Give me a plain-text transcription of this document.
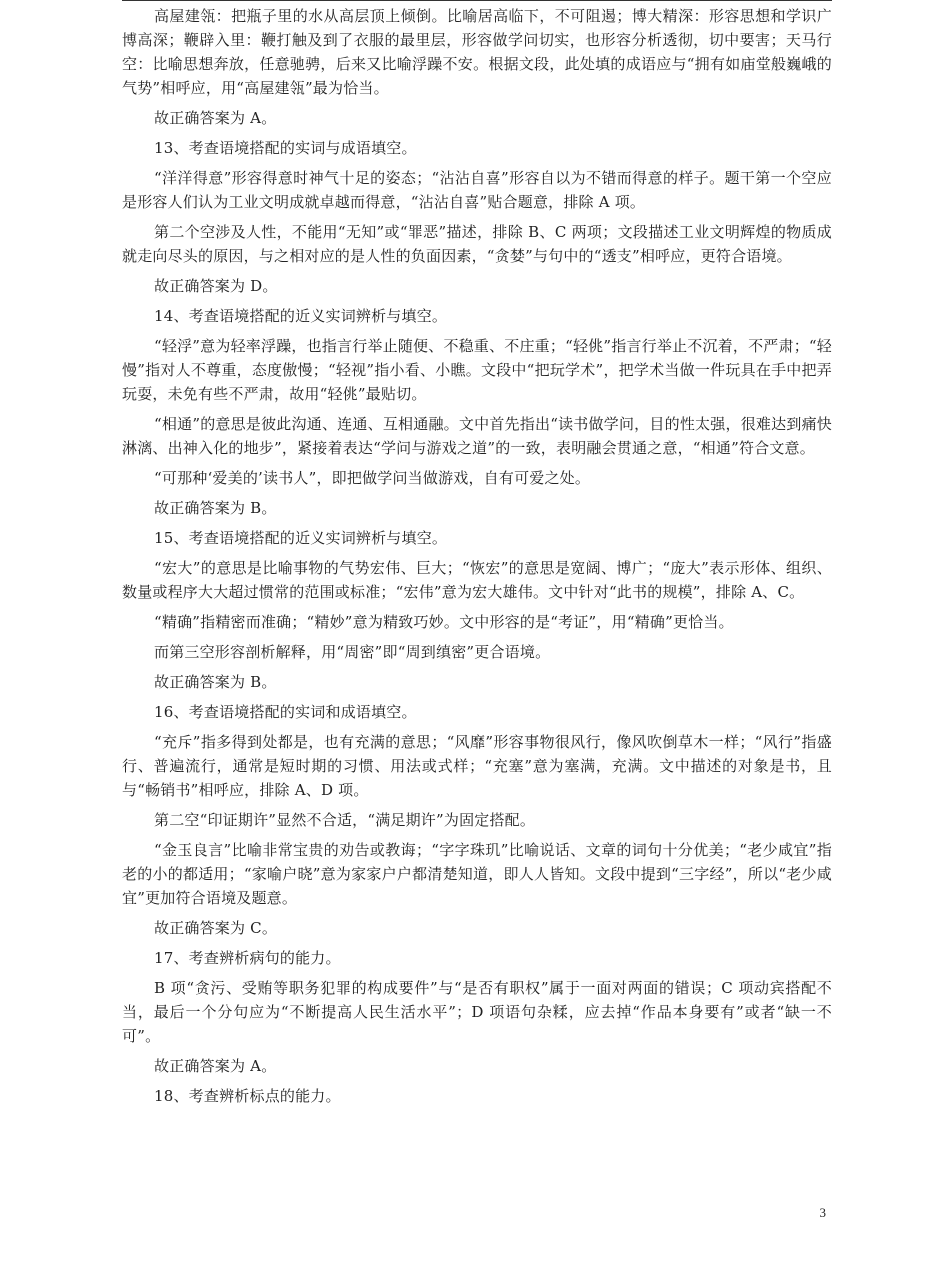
高屋建瓴：把瓶子里的水从高层顶上倾倒。比喻居高临下，不可阻遏；博大精深：形容思想和学识广博高深；鞭辟入里：鞭打触及到了衣服的最里层，形容做学问切实，也形容分析透彻，切中要害；天马行空：比喻思想奔放，任意驰骋，后来又比喻浮躁不安。根据文段，此处填的成语应与“拥有如庙堂般巍峨的气势”相呼应，用“高屋建瓴”最为恰当。

故正确答案为 A。

13、考查语境搭配的实词与成语填空。

“洋洋得意”形容得意时神气十足的姿态；“沾沾自喜”形容自以为不错而得意的样子。题干第一个空应是形容人们认为工业文明成就卓越而得意，“沾沾自喜”贴合题意，排除 A 项。

第二个空涉及人性，不能用“无知”或“罪恶”描述，排除 B、C 两项；文段描述工业文明辉煌的物质成就走向尽头的原因，与之相对应的是人性的负面因素，“贪婪”与句中的“透支”相呼应，更符合语境。

故正确答案为 D。

14、考查语境搭配的近义实词辨析与填空。

“轻浮”意为轻率浮躁，也指言行举止随便、不稳重、不庄重；“轻佻”指言行举止不沉着，不严肃；“轻慢”指对人不尊重，态度傲慢；“轻视”指小看、小瞧。文段中“把玩学术”，把学术当做一件玩具在手中把弄玩耍，未免有些不严肃，故用“轻佻”最贴切。

“相通”的意思是彼此沟通、连通、互相通融。文中首先指出“读书做学问，目的性太强，很难达到痛快淋漓、出神入化的地步”，紧接着表达“学问与游戏之道”的一致，表明融会贯通之意，“相通”符合文意。

“可那种‘爱美的’读书人”，即把做学问当做游戏，自有可爱之处。

故正确答案为 B。

15、考查语境搭配的近义实词辨析与填空。

“宏大”的意思是比喻事物的气势宏伟、巨大；“恢宏”的意思是宽阔、博广；“庞大”表示形体、组织、数量或程序大大超过惯常的范围或标准；“宏伟”意为宏大雄伟。文中针对“此书的规模”，排除 A、C。

“精确”指精密而准确；“精妙”意为精致巧妙。文中形容的是“考证”，用“精确”更恰当。

而第三空形容剖析解释，用“周密”即“周到缜密”更合语境。

故正确答案为 B。

16、考查语境搭配的实词和成语填空。

“充斥”指多得到处都是，也有充满的意思；“风靡”形容事物很风行，像风吹倒草木一样；“风行”指盛行、普遍流行，通常是短时期的习惯、用法或式样；“充塞”意为塞满，充满。文中描述的对象是书，且与“畅销书”相呼应，排除 A、D 项。

第二空“印证期许”显然不合适，“满足期许”为固定搭配。

“金玉良言”比喻非常宝贵的劝告或教诲；“字字珠玑”比喻说话、文章的词句十分优美；“老少咸宜”指老的小的都适用；“家喻户晓”意为家家户户都清楚知道，即人人皆知。文段中提到“三字经”，所以“老少咸宜”更加符合语境及题意。

故正确答案为 C。

17、考查辨析病句的能力。

B 项“贪污、受贿等职务犯罪的构成要件”与“是否有职权”属于一面对两面的错误；C 项动宾搭配不当，最后一个分句应为“不断提高人民生活水平”；D 项语句杂糅，应去掉“作品本身要有”或者“缺一不可”。

故正确答案为 A。

18、考查辨析标点的能力。

3
